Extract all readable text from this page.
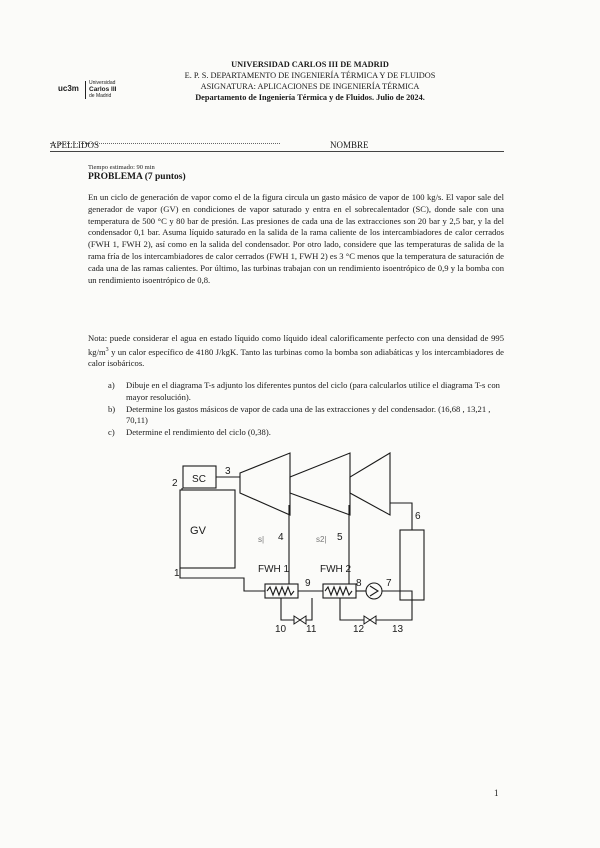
uc3m
Universidad
Carlos III
de Madrid
UNIVERSIDAD CARLOS III DE MADRID
E. P. S. DEPARTAMENTO DE INGENIERÍA TÉRMICA Y DE FLUIDOS
ASIGNATURA: APLICACIONES DE INGENIERÍA TÉRMICA
Departamento de Ingeniería Térmica y de Fluidos. Julio de 2024.
APELLIDOS	NOMBRE
Tiempo estimado: 90 min
PROBLEMA (7 puntos)
En un ciclo de generación de vapor como el de la figura circula un gasto másico de vapor de 100 kg/s. El vapor sale del generador de vapor (GV) en condiciones de vapor saturado y entra en el sobrecalentador (SC), donde sale con una temperatura de 500 °C y 80 bar de presión. Las presiones de cada una de las extracciones son 20 bar y 2,5 bar, y la del condensador 0,1 bar. Asuma líquido saturado en la salida de la rama caliente de los intercambiadores de calor cerrados (FWH 1, FWH 2), así como en la salida del condensador. Por otro lado, considere que las temperaturas de salida de la rama fría de los intercambiadores de calor cerrados (FWH 1, FWH 2) es 3 °C menos que la temperatura de saturación de cada una de las ramas calientes. Por último, las turbinas trabajan con un rendimiento isoentrópico de 0,9 y la bomba con un rendimiento isoentrópico de 0,8.
Nota: puede considerar el agua en estado líquido como líquido ideal calorificamente perfecto con una densidad de 995 $kg/m^3$ y un calor específico de 4180 J/kgK. Tanto las turbinas como la bomba son adiabáticas y los intercambiadores de calor isobáricos.
a) Dibuje en el diagrama T-s adjunto los diferentes puntos del ciclo (para calcularlos utilice el diagrama T-s con mayor resolución).
b) Determine los gastos másicos de vapor de cada una de las extracciones y del condensador. (16,68 , 13,21 , 70,11)
c) Determine el rendimiento del ciclo (0,38).
GV
SC
FWH 1	FWH 2
2
3
1
4	5
6
7
8
9
10 11	12	13
s|	s2|
1
